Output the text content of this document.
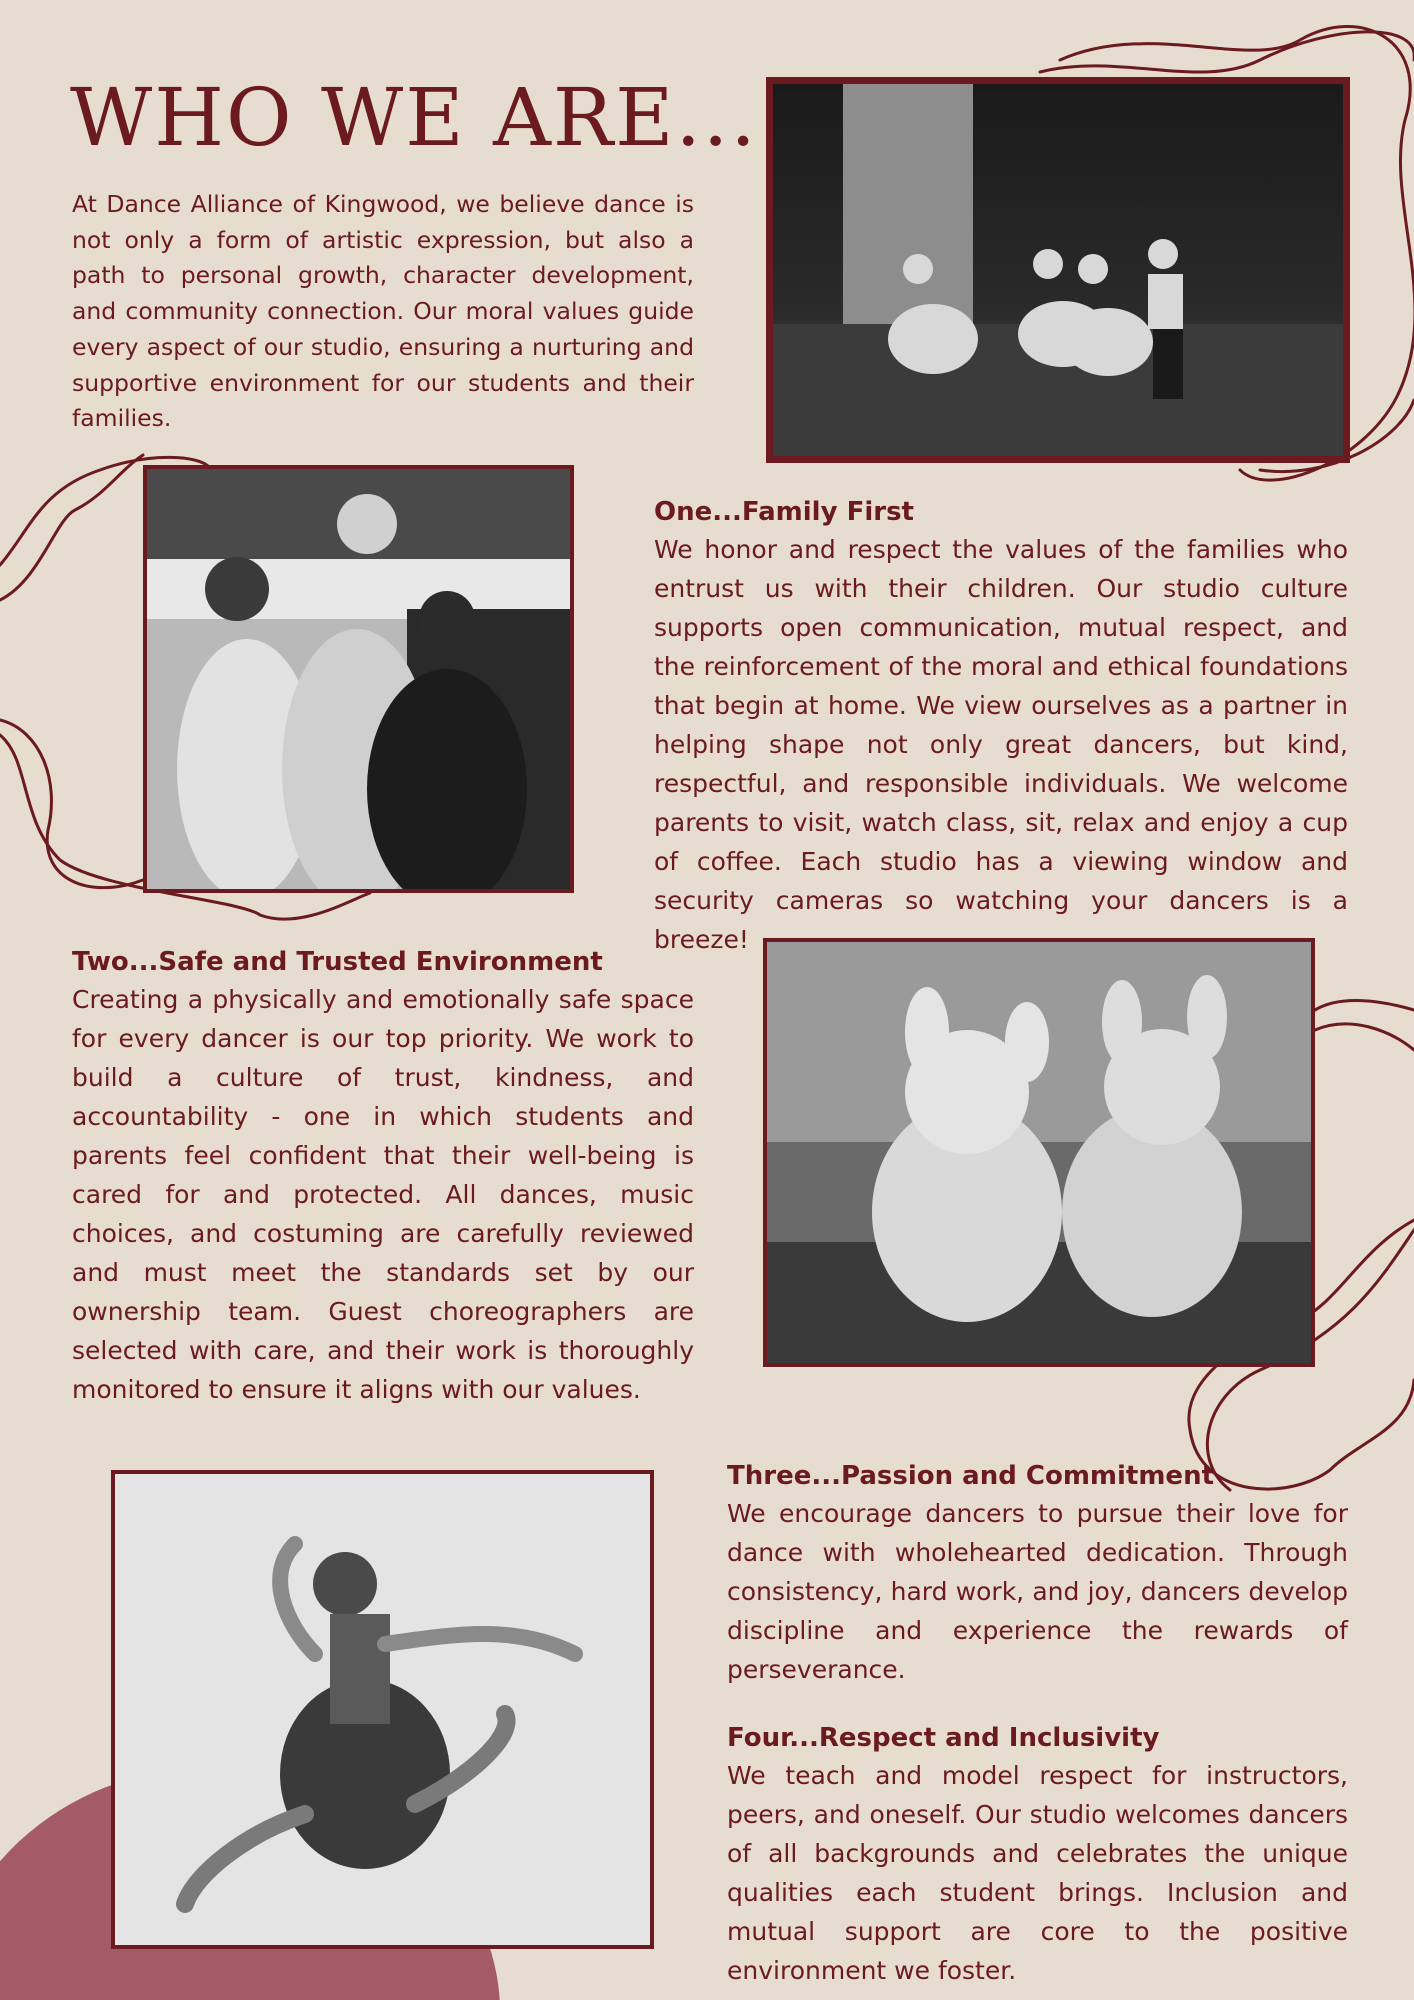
WHO WE ARE...

At Dance Alliance of Kingwood, we believe dance is not only a form of artistic expression, but also a path to personal growth, character development, and community connection. Our moral values guide every aspect of our studio, ensuring a nurturing and supportive environment for our students and their families.

One...Family First

We honor and respect the values of the families who entrust us with their children. Our studio culture supports open communication, mutual respect, and the reinforcement of the moral and ethical foundations that begin at home. We view ourselves as a partner in helping shape not only great dancers, but kind, respectful, and responsible individuals. We welcome parents to visit, watch class, sit, relax and enjoy a cup of coffee. Each studio has a viewing window and security cameras so watching your dancers is a breeze!

Two...Safe and Trusted Environment

Creating a physically and emotionally safe space for every dancer is our top priority. We work to build a culture of trust, kindness, and accountability - one in which students and parents feel confident that their well-being is cared for and protected. All dances, music choices, and costuming are carefully reviewed and must meet the standards set by our ownership team. Guest choreographers are selected with care, and their work is thoroughly monitored to ensure it aligns with our values.

Three...Passion and Commitment

We encourage dancers to pursue their love for dance with wholehearted dedication. Through consistency, hard work, and joy, dancers develop discipline and experience the rewards of perseverance.

Four...Respect and Inclusivity

We teach and model respect for instructors, peers, and oneself. Our studio welcomes dancers of all backgrounds and celebrates the unique qualities each student brings. Inclusion and mutual support are core to the positive environment we foster.
